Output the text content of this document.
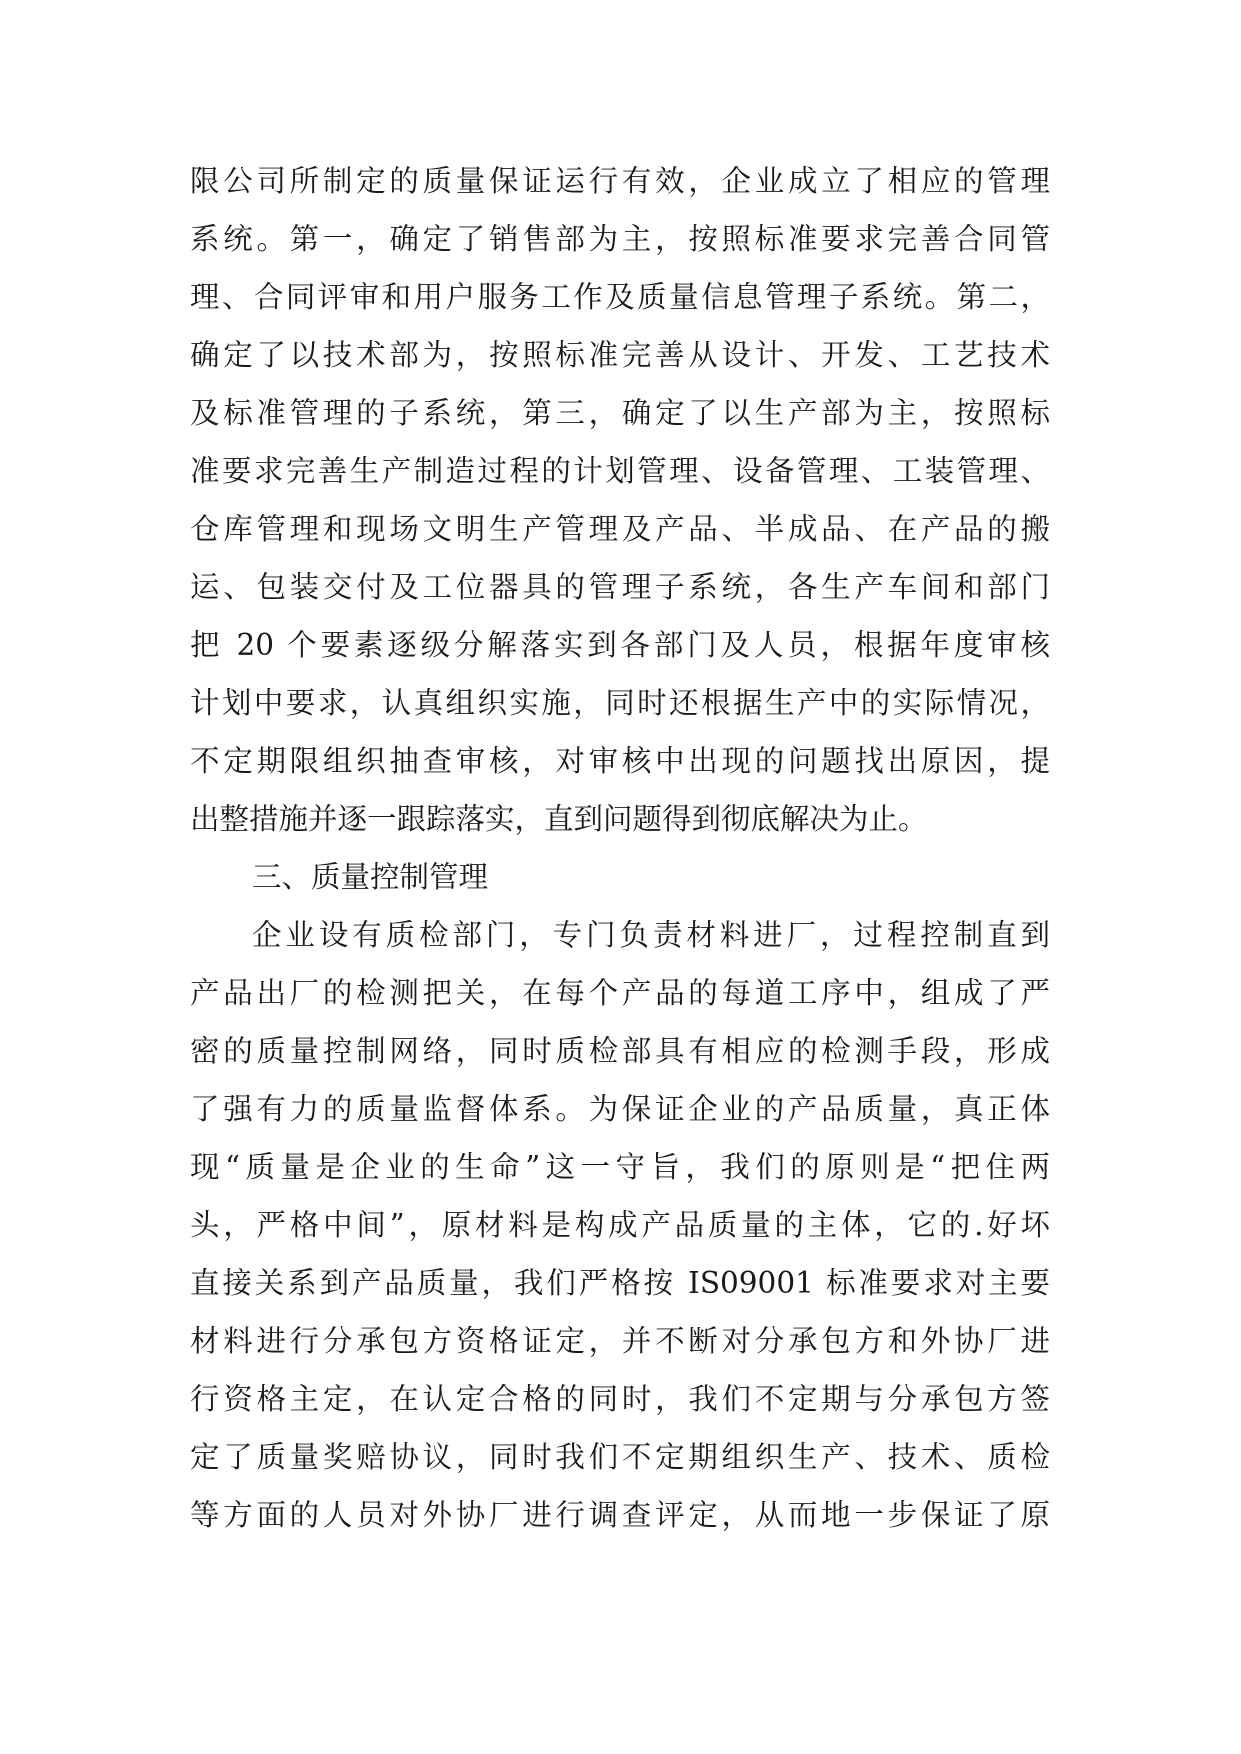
限公司所制定的质量保证运行有效，企业成立了相应的管理
系统。第一，确定了销售部为主，按照标准要求完善合同管
理、合同评审和用户服务工作及质量信息管理子系统。第二，
确定了以技术部为，按照标准完善从设计、开发、工艺技术
及标准管理的子系统，第三，确定了以生产部为主，按照标
准要求完善生产制造过程的计划管理、设备管理、工装管理、
仓库管理和现场文明生产管理及产品、半成品、在产品的搬
运、包装交付及工位器具的管理子系统，各生产车间和部门
把 20 个要素逐级分解落实到各部门及人员，根据年度审核
计划中要求，认真组织实施，同时还根据生产中的实际情况，
不定期限组织抽查审核，对审核中出现的问题找出原因，提
出整措施并逐一跟踪落实，直到问题得到彻底解决为止。
三、质量控制管理
企业设有质检部门，专门负责材料进厂，过程控制直到
产品出厂的检测把关，在每个产品的每道工序中，组成了严
密的质量控制网络，同时质检部具有相应的检测手段，形成
了强有力的质量监督体系。为保证企业的产品质量，真正体
现“质量是企业的生命”这一守旨，我们的原则是“把住两
头，严格中间”，原材料是构成产品质量的主体，它的.好坏
直接关系到产品质量，我们严格按 IS09001 标准要求对主要
材料进行分承包方资格证定，并不断对分承包方和外协厂进
行资格主定，在认定合格的同时，我们不定期与分承包方签
定了质量奖赔协议，同时我们不定期组织生产、技术、质检
等方面的人员对外协厂进行调查评定，从而地一步保证了原
